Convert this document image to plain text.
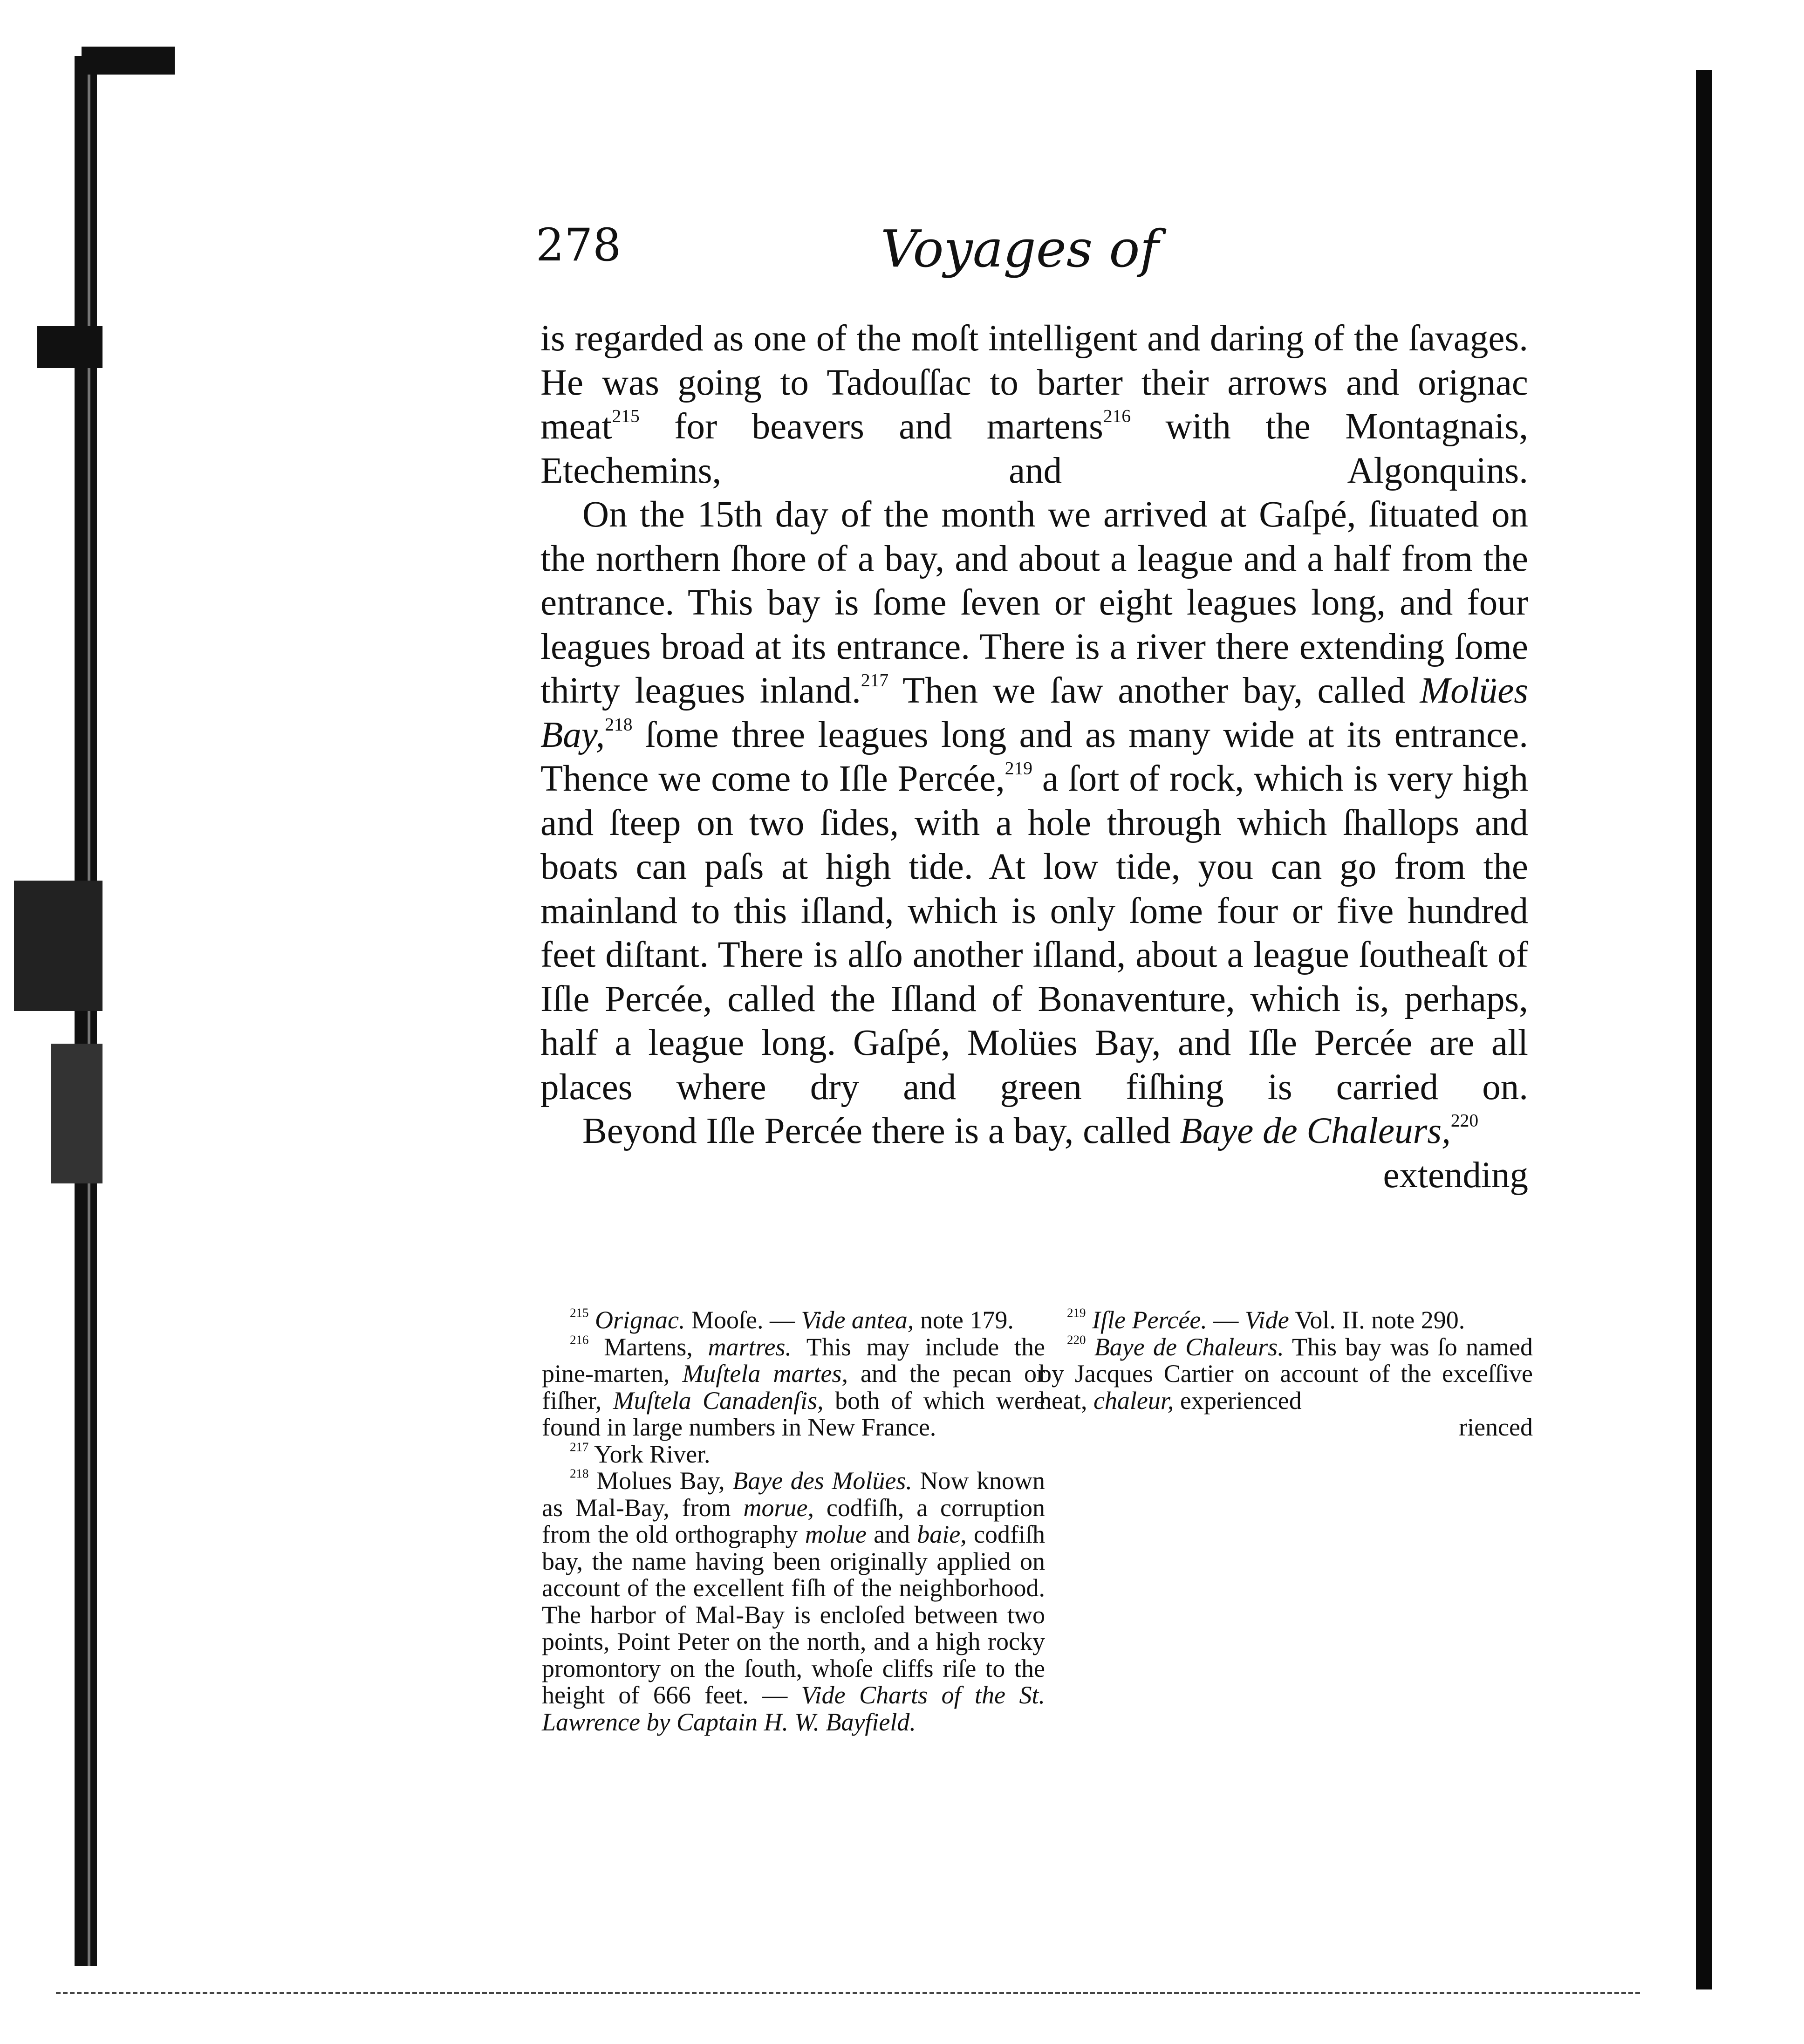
278	Voyages of

is regarded as one of the moſt intelligent and daring of the ſavages. He was going to Tadouſſac to barter their arrows and orignac meat$^{215}$ for beavers and martens$^{216}$ with the Montagnais, Etechemins, and Algonquins.

On the 15th day of the month we arrived at Gaſpé, ſituated on the northern ſhore of a bay, and about a league and a half from the entrance. This bay is ſome ſeven or eight leagues long, and four leagues broad at its entrance. There is a river there extending ſome thirty leagues inland.$^{217}$ Then we ſaw another bay, called Molües Bay,$^{218}$ ſome three leagues long and as many wide at its entrance. Thence we come to Iſle Percée,$^{219}$ a ſort of rock, which is very high and ſteep on two ſides, with a hole through which ſhallops and boats can paſs at high tide. At low tide, you can go from the mainland to this iſland, which is only ſome four or five hundred feet diſtant. There is alſo another iſland, about a league ſoutheaſt of Iſle Percée, called the Iſland of Bonaventure, which is, perhaps, half a league long. Gaſpé, Molües Bay, and Iſle Percée are all places where dry and green fiſhing is carried on.

Beyond Iſle Percée there is a bay, called Baye de Chaleurs,$^{220}$

extending

$^{215}$ Orignac. Mooſe. — Vide antea, note 179.

$^{216}$ Martens, martres. This may include the pine-marten, Muſtela martes, and the pecan or fiſher, Muſtela Canadenſis, both of which were found in large numbers in New France.

$^{217}$ York River.

$^{218}$ Molues Bay, Baye des Molües. Now known as Mal-Bay, from morue, codfiſh, a corruption from the old orthography molue and baie, codfiſh bay, the name having been originally applied on account of the excellent fiſh of the neighborhood. The harbor of Mal-Bay is encloſed between two points, Point Peter on the north, and a high rocky promontory on the ſouth, whoſe cliffs riſe to the height of 666 feet. — Vide Charts of the St. Lawrence by Captain H. W. Bayfield.

$^{219}$ Iſle Percée. — Vide Vol. II. note 290.

$^{220}$ Baye de Chaleurs. This bay was ſo named by Jacques Cartier on account of the exceſſive heat, chaleur, experienced

rienced
